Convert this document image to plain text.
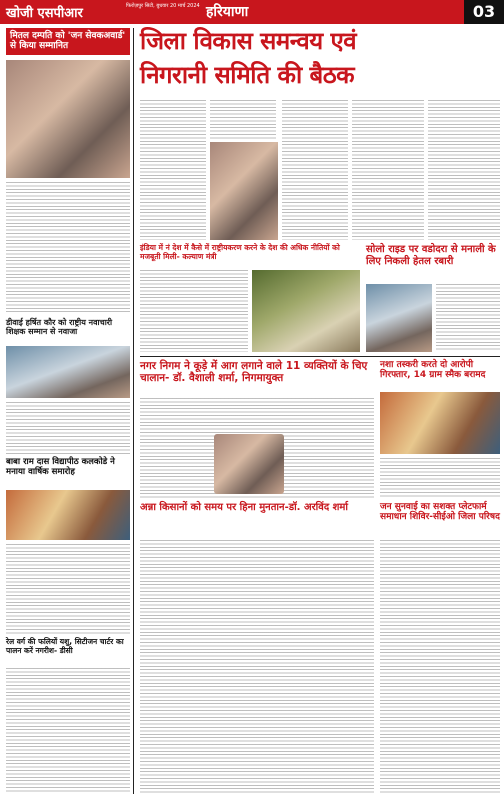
खोजी एसपीआर	फिरोज़पुर सिटी, बुधवार 20 मार्च 2024 हरियाणा	03
मितल दम्पति को 'जन सेवकअवार्ड' से किया सम्मानित
डीवाई हर्षित कौर को राष्ट्रीय नवाचारी शिक्षक सम्मान से नवाजा
बाबा राम दास विद्यापीठ कलकोडे ने मनाया वार्षिक समारोह
रेल वर्ग की फलियों यशु, सिटीजन चार्टर का पालन करें नगरीश- डीसी
जिला विकास समन्वय एवं
निगरानी समिति की बैठक
इंडिया में नं देश में कैसे में राष्ट्रीयकरण करने के देश की अधिक नीतियों को मजबूती मिली- कल्याण मंत्री
सोलो राइड पर वडोदरा से मनाली के लिए निकली हेतल रबारी
नगर निगम ने कूड़े में आग लगाने वाले 11 व्यक्तियों के चिए चालान- डॉ. वैशाली शर्मा, निगमायुक्त
नशा तस्करी करते दो आरोपी गिरफ्तार, 14 ग्राम स्मैक बरामद
अन्ना किसानों को समय पर हिना मुनतान-डॉ. अरविंद शर्मा	जन सुनवाई का सशक्त प्लेटफार्म समाधान शिविर-सीईओ जिला परिषद
